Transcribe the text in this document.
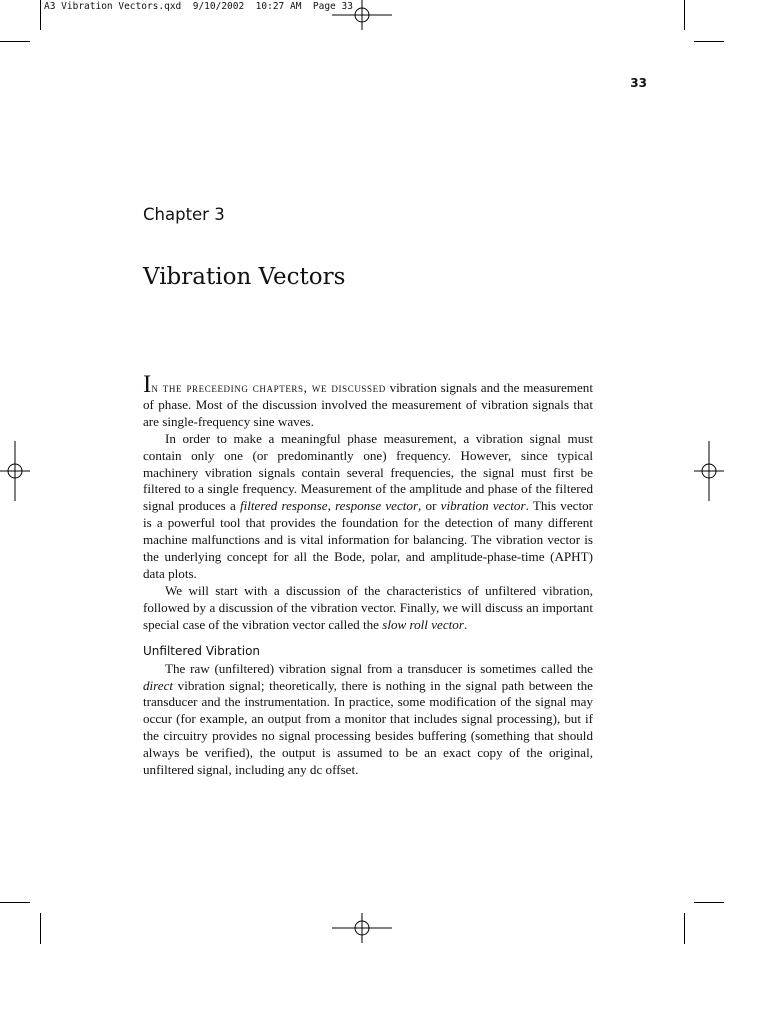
A3 Vibration Vectors.qxd 9/10/2002 10:27 AM Page 33
33
Chapter 3
Vibration Vectors

In the preceeding chapters, we discussed vibration signals and the measurement of phase. Most of the discussion involved the measurement of vibration signals that are single-frequency sine waves.

In order to make a meaningful phase measurement, a vibration signal must contain only one (or predominantly one) frequency. However, since typical machinery vibration signals contain several frequencies, the signal must first be filtered to a single frequency. Measurement of the amplitude and phase of the filtered signal produces a filtered response, response vector, or vibration vector. This vector is a powerful tool that provides the foundation for the detection of many different machine malfunctions and is vital information for balancing. The vibration vector is the underlying concept for all the Bode, polar, and amplitude-phase-time (APHT) data plots.

We will start with a discussion of the characteristics of unfiltered vibration, followed by a discussion of the vibration vector. Finally, we will discuss an important special case of the vibration vector called the slow roll vector.

Unfiltered Vibration

The raw (unfiltered) vibration signal from a transducer is sometimes called the direct vibration signal; theoretically, there is nothing in the signal path between the transducer and the instrumentation. In practice, some modification of the signal may occur (for example, an output from a monitor that includes signal processing), but if the circuitry provides no signal processing besides buffering (something that should always be verified), the output is assumed to be an exact copy of the original, unfiltered signal, including any dc offset.
